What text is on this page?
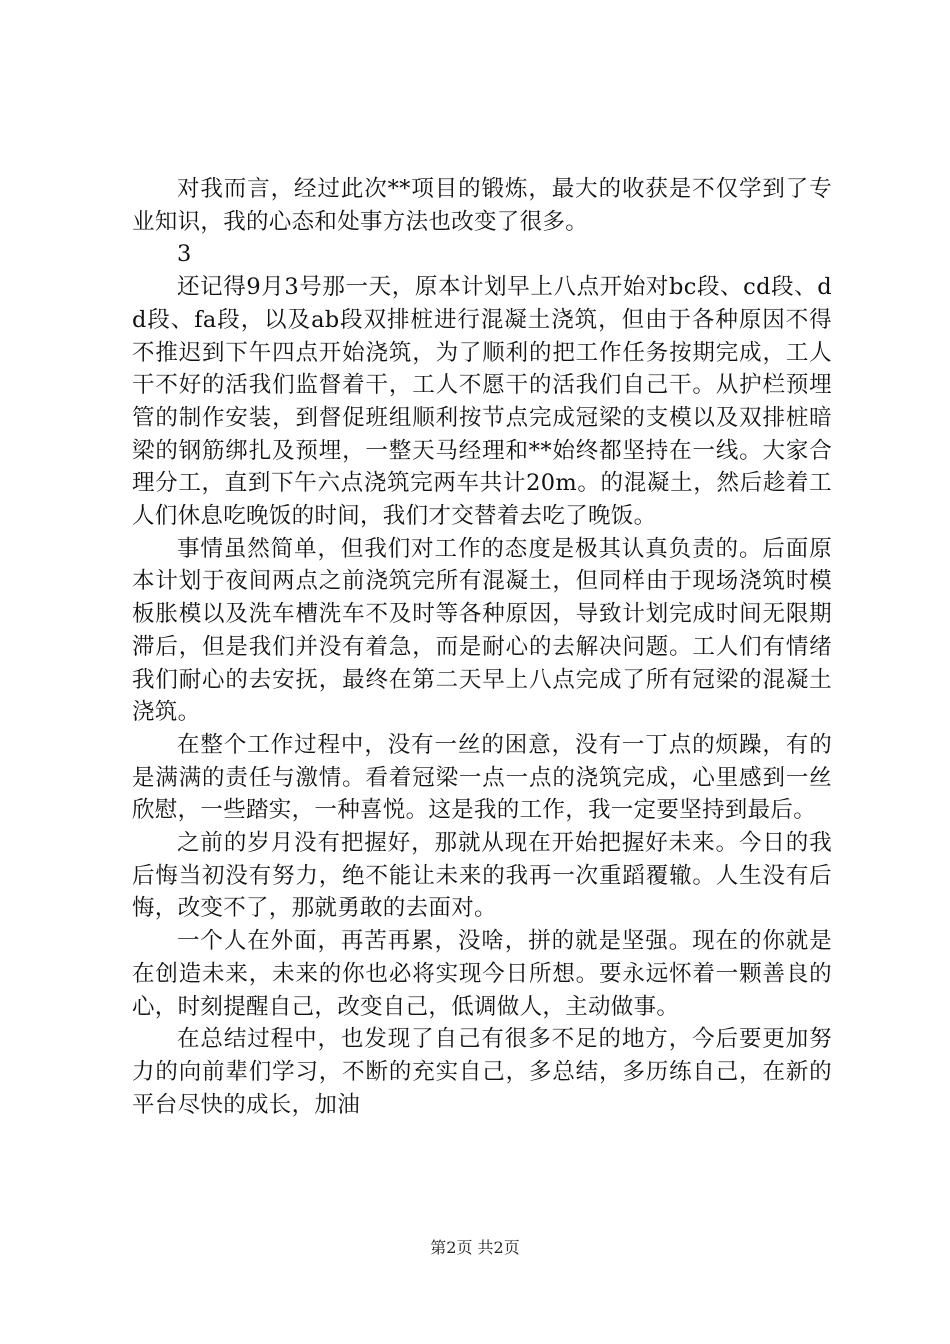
对我而言，经过此次**项目的锻炼，最大的收获是不仅学到了专业知识，我的心态和处事方法也改变了很多。

3

还记得9月3号那一天，原本计划早上八点开始对bc段、cd段、dd段、fa段，以及ab段双排桩进行混凝土浇筑，但由于各种原因不得不推迟到下午四点开始浇筑，为了顺利的把工作任务按期完成，工人干不好的活我们监督着干，工人不愿干的活我们自己干。从护栏预埋管的制作安装，到督促班组顺利按节点完成冠梁的支模以及双排桩暗梁的钢筋绑扎及预埋，一整天马经理和**始终都坚持在一线。大家合理分工，直到下午六点浇筑完两车共计20m。的混凝土，然后趁着工人们休息吃晚饭的时间，我们才交替着去吃了晚饭。

事情虽然简单，但我们对工作的态度是极其认真负责的。后面原本计划于夜间两点之前浇筑完所有混凝土，但同样由于现场浇筑时模板胀模以及洗车槽洗车不及时等各种原因，导致计划完成时间无限期滞后，但是我们并没有着急，而是耐心的去解决问题。工人们有情绪我们耐心的去安抚，最终在第二天早上八点完成了所有冠梁的混凝土浇筑。

在整个工作过程中，没有一丝的困意，没有一丁点的烦躁，有的是满满的责任与激情。看着冠梁一点一点的浇筑完成，心里感到一丝欣慰，一些踏实，一种喜悦。这是我的工作，我一定要坚持到最后。

之前的岁月没有把握好，那就从现在开始把握好未来。今日的我后悔当初没有努力，绝不能让未来的我再一次重蹈覆辙。人生没有后悔，改变不了，那就勇敢的去面对。

一个人在外面，再苦再累，没啥，拼的就是坚强。现在的你就是在创造未来，未来的你也必将实现今日所想。要永远怀着一颗善良的心，时刻提醒自己，改变自己，低调做人，主动做事。

在总结过程中，也发现了自己有很多不足的地方，今后要更加努力的向前辈们学习，不断的充实自己，多总结，多历练自己，在新的平台尽快的成长，加油

第2页 共2页
